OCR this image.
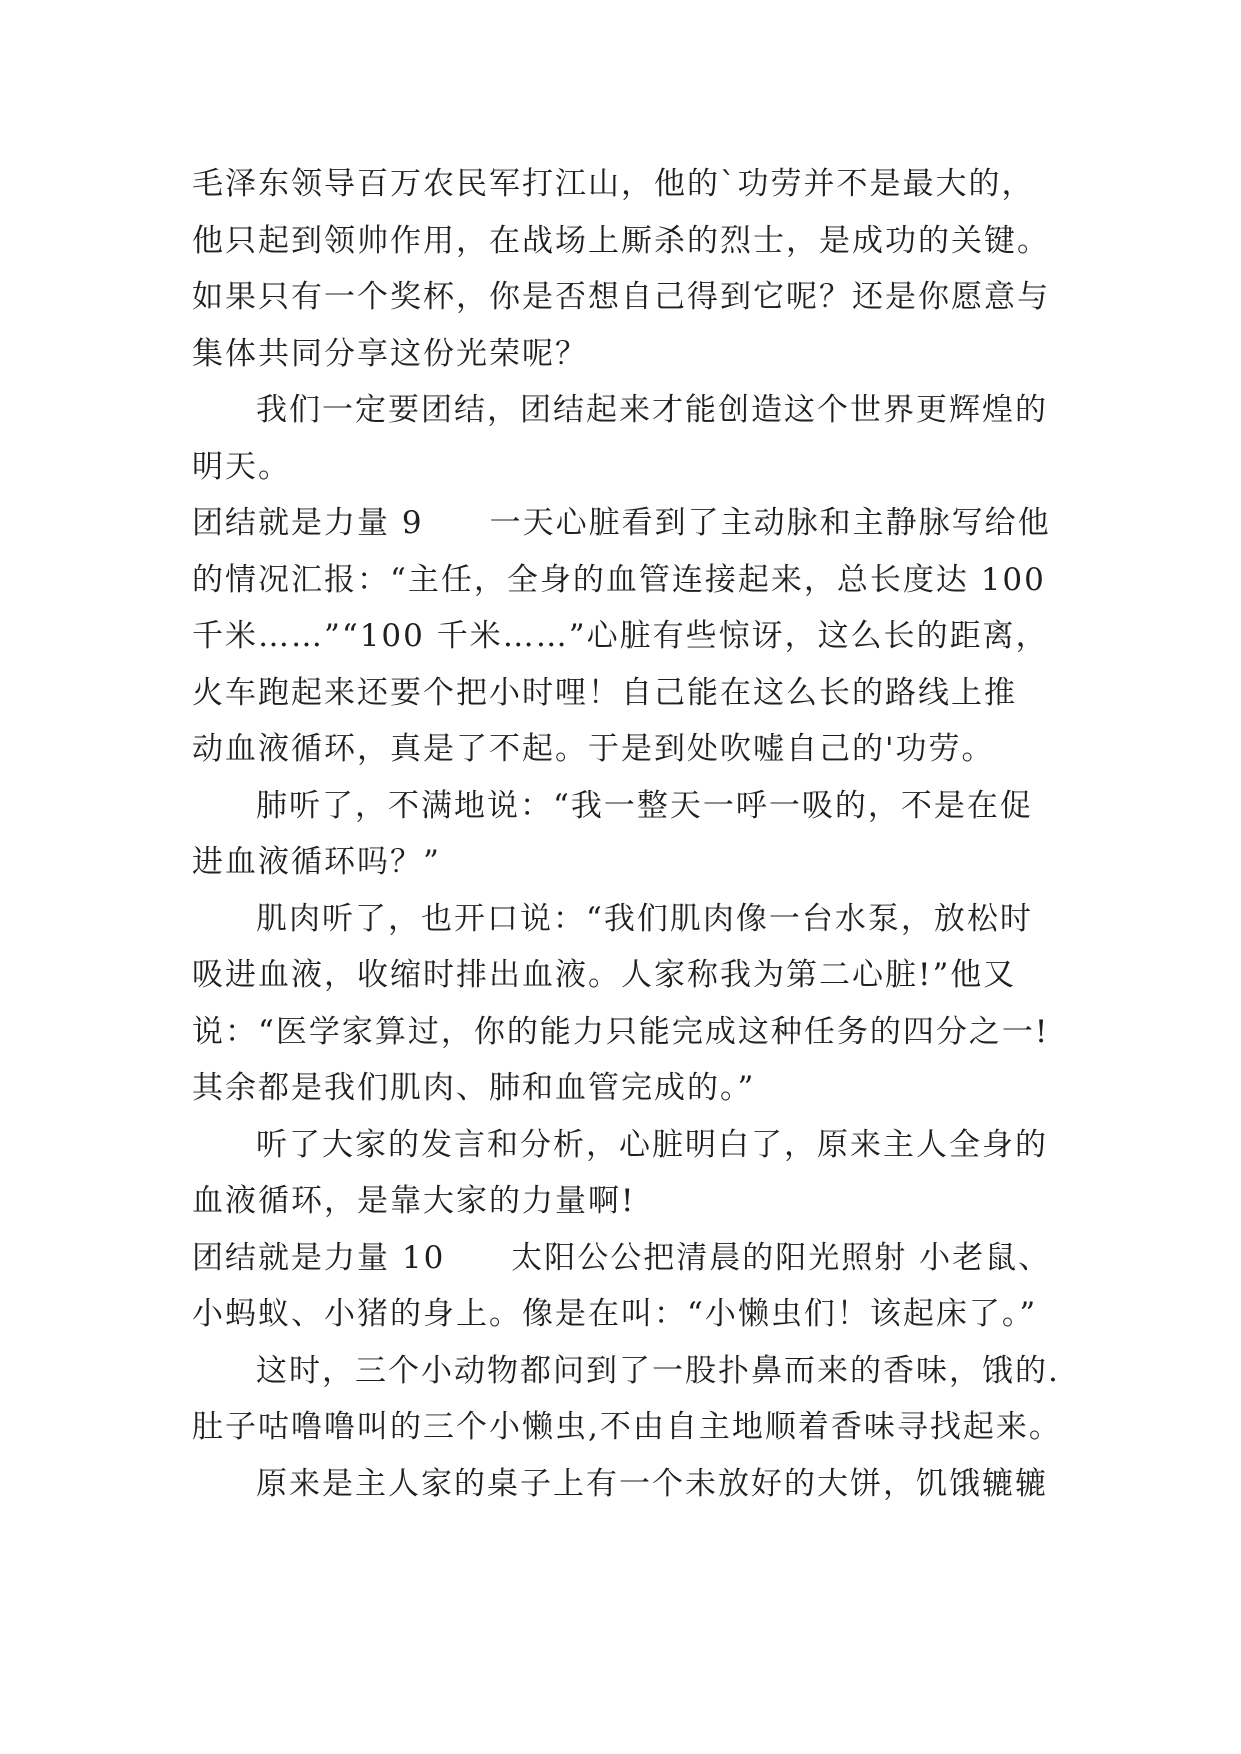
毛泽东领导百万农民军打江山，他的`功劳并不是最大的，
他只起到领帅作用，在战场上厮杀的烈士，是成功的关键。
如果只有一个奖杯，你是否想自己得到它呢？还是你愿意与
集体共同分享这份光荣呢？
我们一定要团结，团结起来才能创造这个世界更辉煌的
明天。
团结就是力量 9　　一天心脏看到了主动脉和主静脉写给他
的情况汇报：“主任，全身的血管连接起来，总长度达 100
千米……”“100 千米……”心脏有些惊讶，这么长的距离，
火车跑起来还要个把小时哩！自己能在这么长的路线上推
动血液循环，真是了不起。于是到处吹嘘自己的'功劳。
肺听了，不满地说：“我一整天一呼一吸的，不是在促
进血液循环吗？”
肌肉听了，也开口说：“我们肌肉像一台水泵，放松时
吸进血液，收缩时排出血液。人家称我为第二心脏!”他又
说：“医学家算过，你的能力只能完成这种任务的四分之一!
其余都是我们肌肉、肺和血管完成的。”
听了大家的发言和分析，心脏明白了，原来主人全身的
血液循环，是靠大家的力量啊!
团结就是力量 10　　太阳公公把清晨的阳光照射 小老鼠、
小蚂蚁、小猪的身上。像是在叫：“小懒虫们！该起床了。”
这时，三个小动物都问到了一股扑鼻而来的香味，饿的.
肚子咕噜噜叫的三个小懒虫,不由自主地顺着香味寻找起来。
原来是主人家的桌子上有一个未放好的大饼，饥饿辘辘
